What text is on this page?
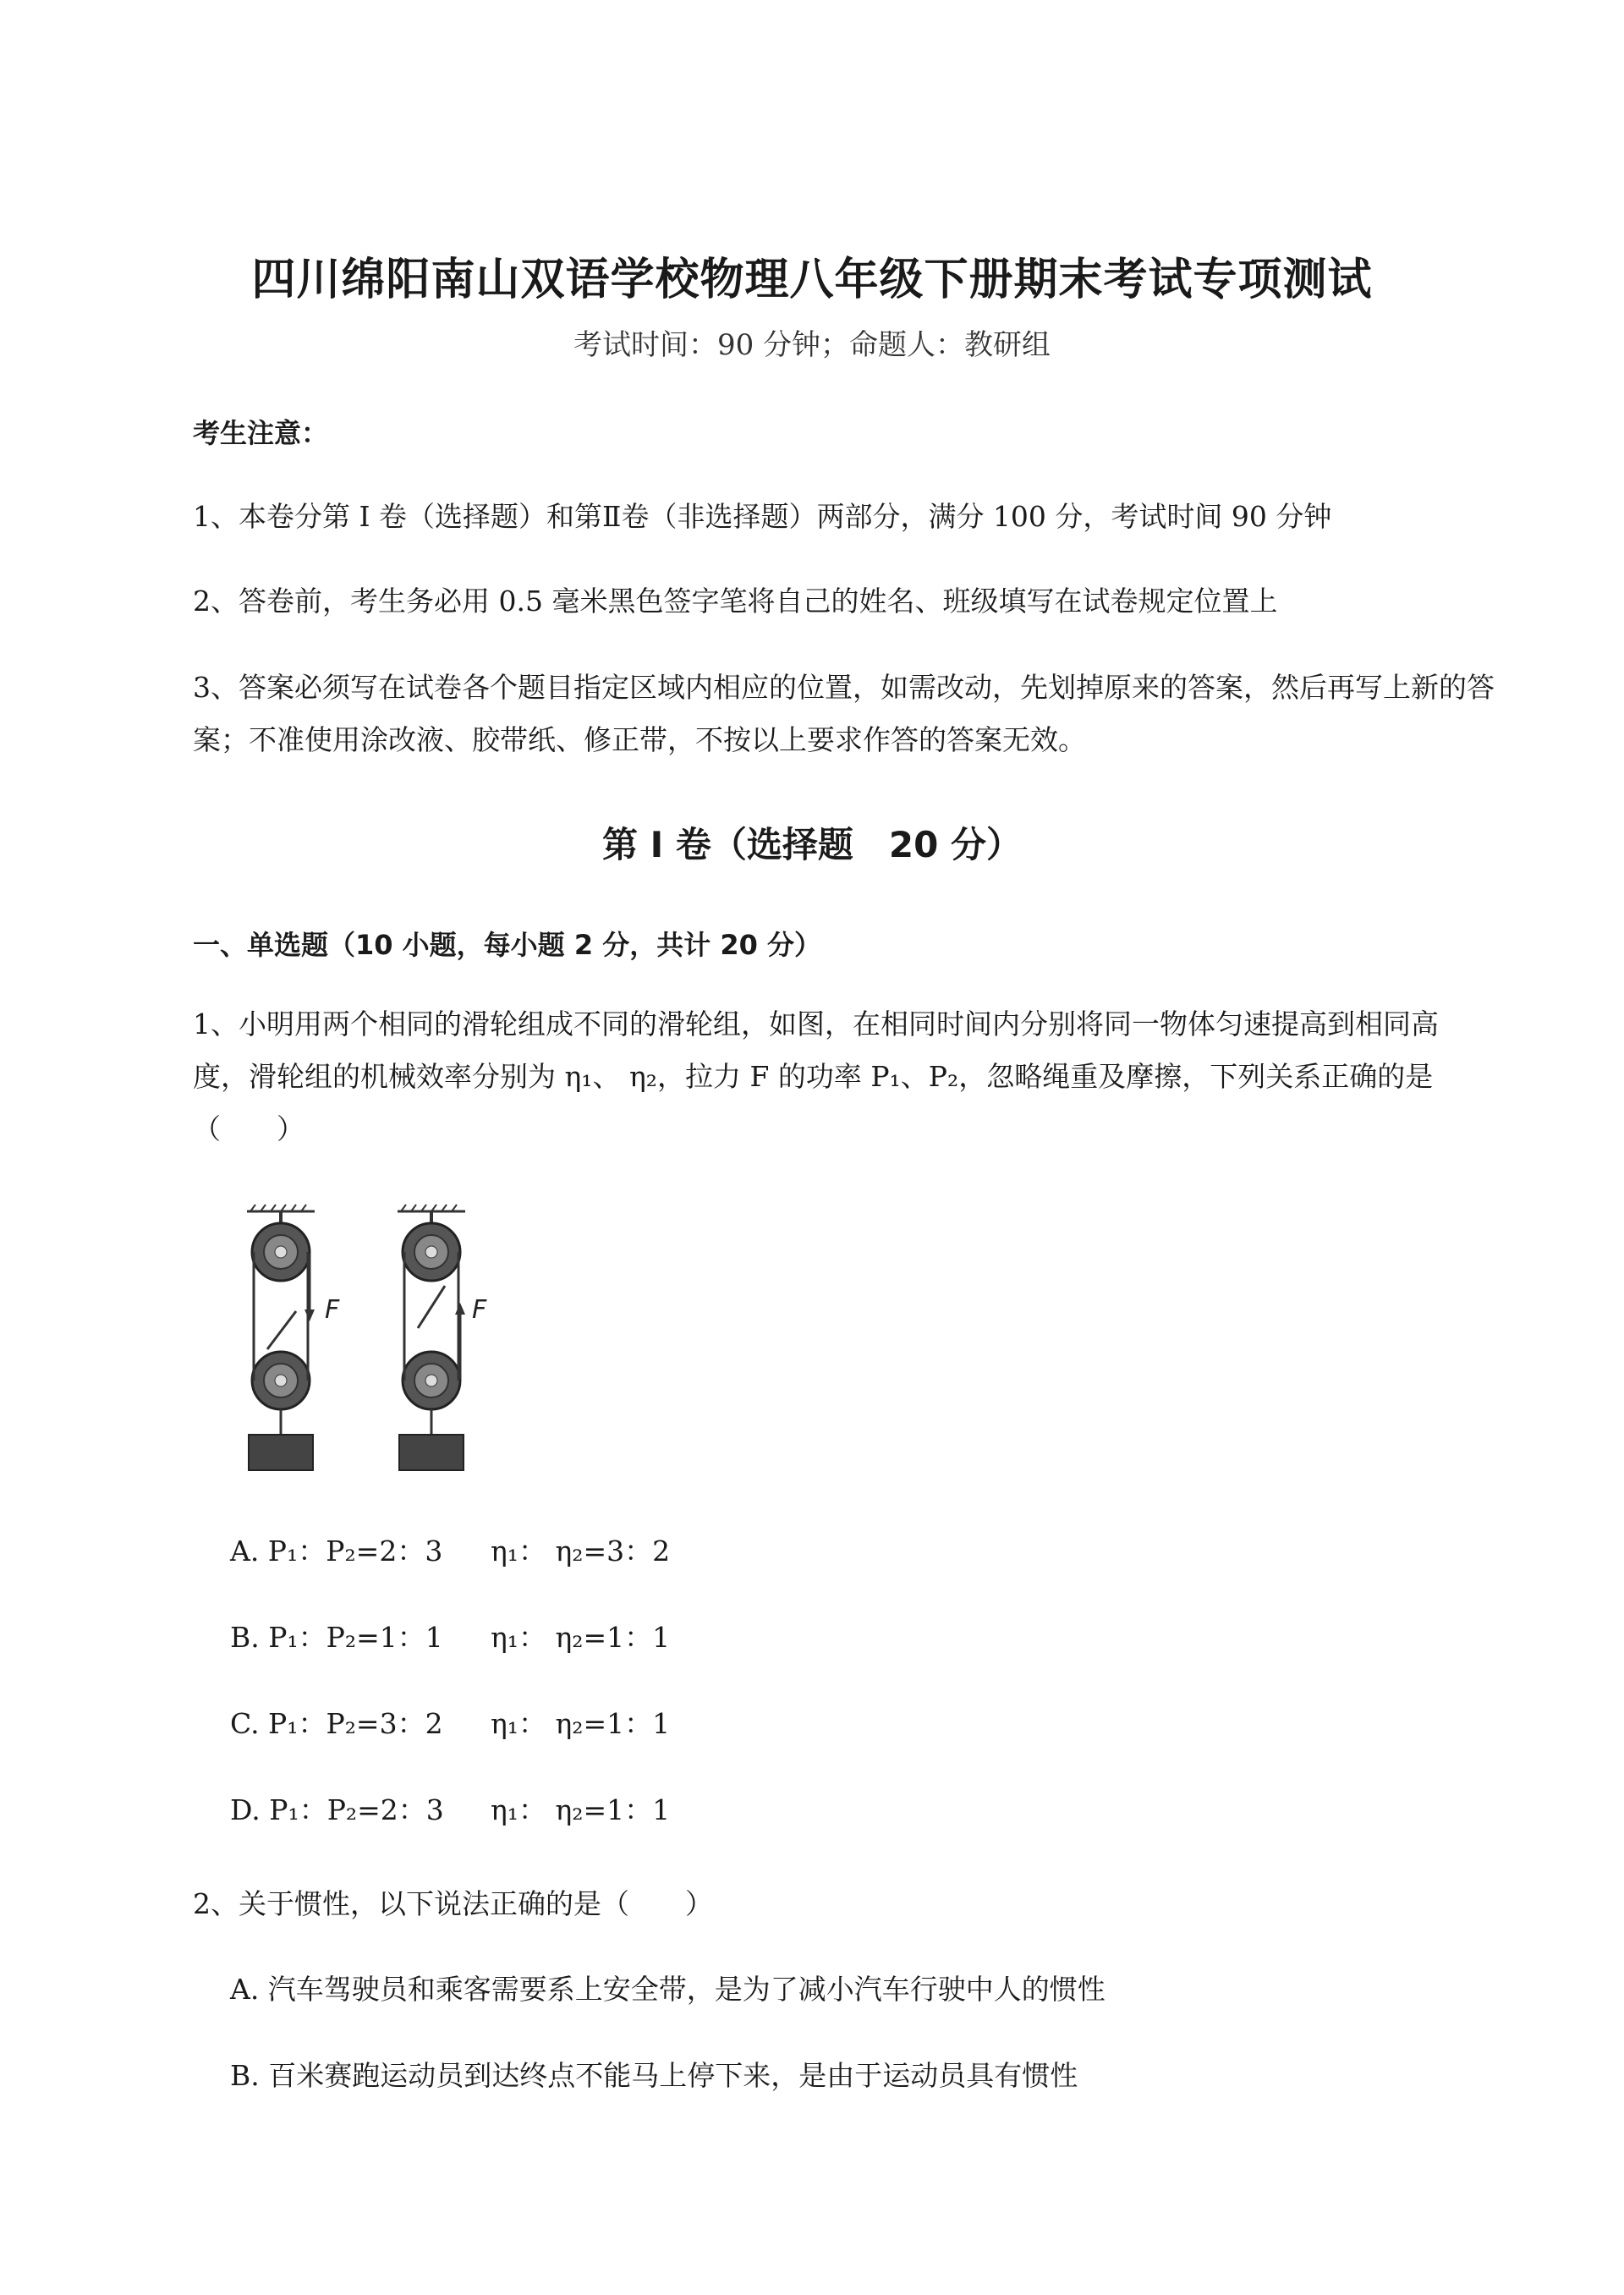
四川绵阳南山双语学校物理八年级下册期末考试专项测试
考试时间：90 分钟；命题人：教研组
考生注意：
1、本卷分第 I 卷（选择题）和第Ⅱ卷（非选择题）两部分，满分 100 分，考试时间 90 分钟
2、答卷前，考生务必用 0.5 毫米黑色签字笔将自己的姓名、班级填写在试卷规定位置上
3、答案必须写在试卷各个题目指定区域内相应的位置，如需改动，先划掉原来的答案，然后再写上新的答案；不准使用涂改液、胶带纸、修正带，不按以上要求作答的答案无效。
第 I 卷（选择题　20 分）
一、单选题（10 小题，每小题 2 分，共计 20 分）
1、小明用两个相同的滑轮组成不同的滑轮组，如图，在相同时间内分别将同一物体匀速提高到相同高
度，滑轮组的机械效率分别为 η₁、 η₂，拉力 F 的功率 P₁、P₂，忽略绳重及摩擦，下列关系正确的是
（　　）
F	F
A. P₁：P₂=2：3 η₁： η₂=3：2
B. P₁：P₂=1：1 η₁： η₂=1：1
C. P₁：P₂=3：2 η₁： η₂=1：1
D. P₁：P₂=2：3 η₁： η₂=1：1
2、关于惯性，以下说法正确的是（　　）
A. 汽车驾驶员和乘客需要系上安全带，是为了减小汽车行驶中人的惯性
B. 百米赛跑运动员到达终点不能马上停下来，是由于运动员具有惯性
